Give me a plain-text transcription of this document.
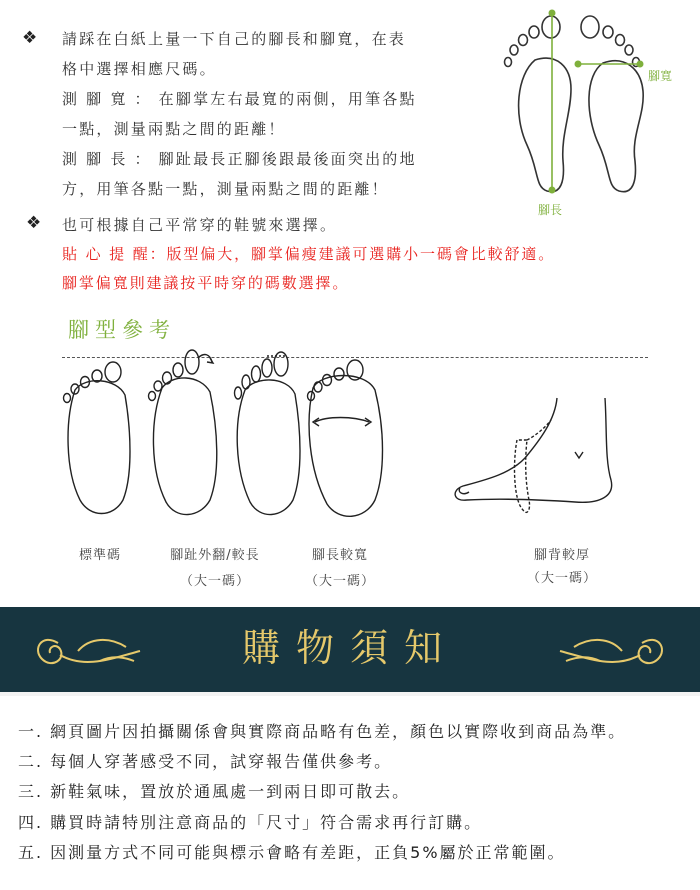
❖ 請踩在白紙上量一下自己的腳長和腳寬，在表
格中選擇相應尺碼。
測 腳 寬 ： 在腳掌左右最寬的兩側，用筆各點
一點，測量兩點之間的距離！
測 腳 長 ： 腳趾最長正腳後跟最後面突出的地
方，用筆各點一點，測量兩點之間的距離！
腳寬
腳長
❖ 也可根據自己平常穿的鞋號來選擇。
貼 心 提 醒：版型偏大，腳掌偏瘦建議可選購小一碼會比較舒適。
腳掌偏寬則建議按平時穿的碼數選擇。
腳型參考
標準碼	腳趾外翻/較長
（大一碼）
腳長較寬
（大一碼）
腳背較厚
（大一碼）
購物須知
一. 網頁圖片因拍攝關係會與實際商品略有色差，顏色以實際收到商品為準。
二. 每個人穿著感受不同，試穿報告僅供參考。
三. 新鞋氣味，置放於通風處一到兩日即可散去。
四. 購買時請特別注意商品的「尺寸」符合需求再行訂購。
五. 因測量方式不同可能與標示會略有差距，正負5%屬於正常範圍。
